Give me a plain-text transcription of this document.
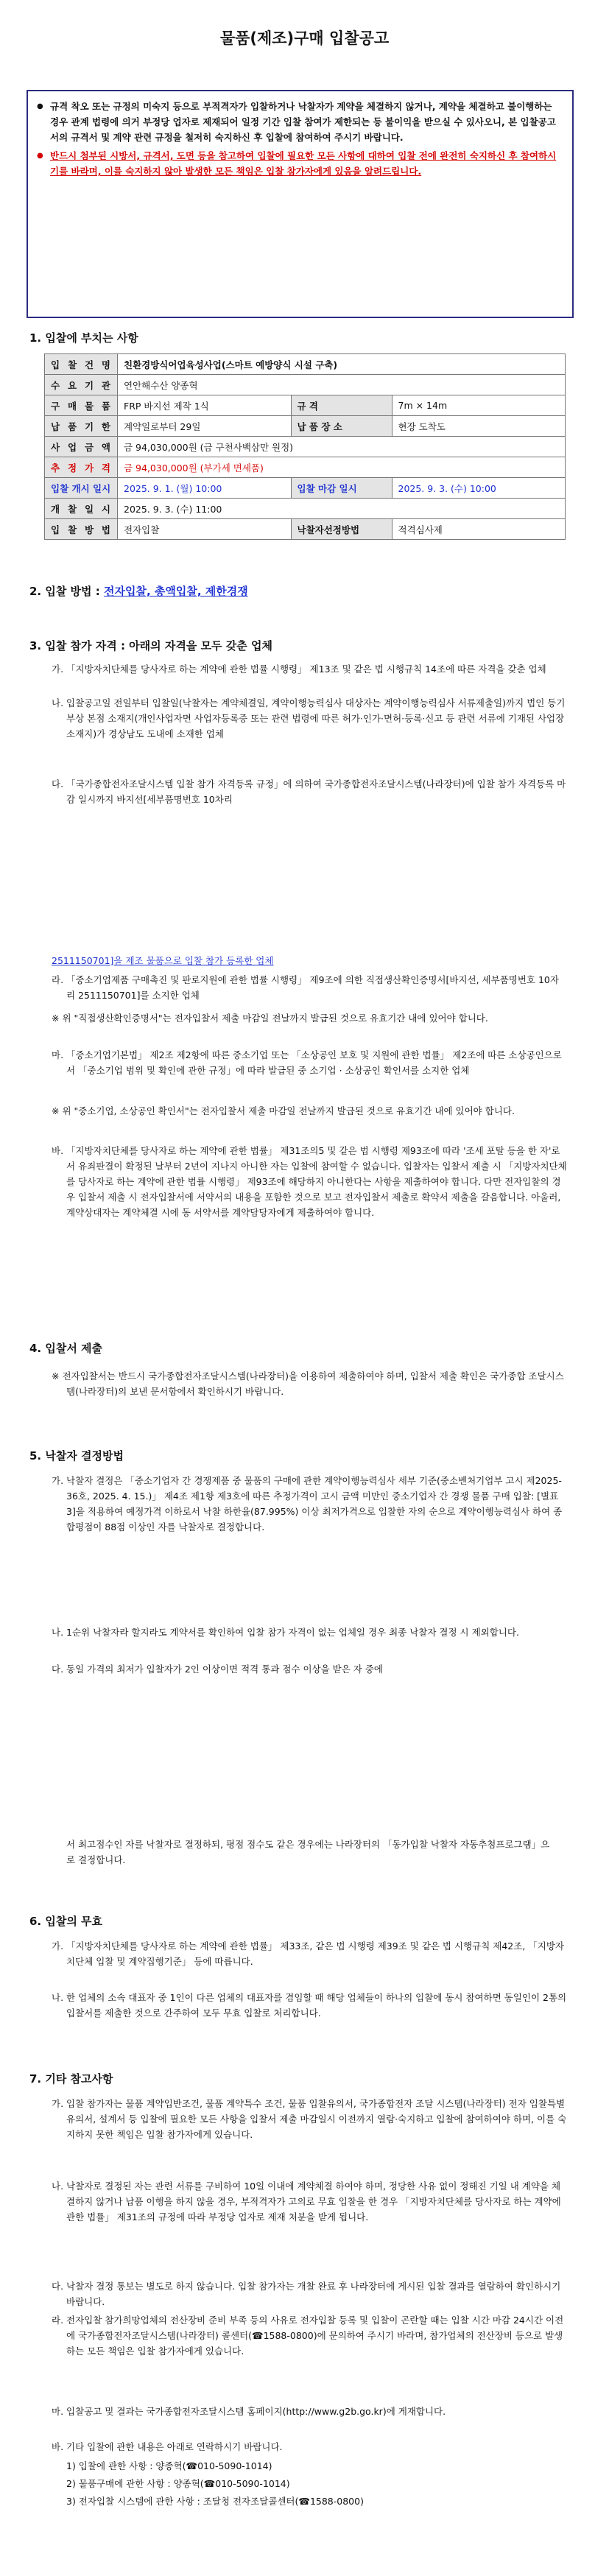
물품(제조)구매 입찰공고
● 규격 착오 또는 규정의 미숙지 등으로 부적격자가 입찰하거나 낙찰자가 계약을 체결하지 않거나, 계약을 체결하고 불이행하는 경우 관계 법령에 의거 부정당 업자로 제재되어 일정 기간 입찰 참여가 제한되는 등 불이익을 받으실 수 있사오니, 본 입찰공고서의 규격서 및 계약 관련 규정을 철저히 숙지하신 후 입찰에 참여하여 주시기 바랍니다.
● 반드시 첨부된 시방서, 규격서, 도면 등을 참고하여 입찰에 필요한 모든 사항에 대하여 입찰 전에 완전히 숙지하신 후 참여하시기를 바라며, 이를 숙지하지 않아 발생한 모든 책임은 입찰 참가자에게 있음을 알려드립니다.
1. 입찰에 부치는 사항
입 찰 건 명	친환경방식어업육성사업(스마트 예방양식 시설 구축)		
수 요 기 관	연안해수산 양종혁		
구 매 물 품	FRP 바지선 제작 1식	규 격	7m × 14m
납 품 기 한	계약일로부터 29일	납 품 장 소	현장 도착도
사 업 금 액	금 94,030,000원 (금 구천사백삼만 원정)		
추 정 가 격	금 94,030,000원 (부가세 면세품)		
입찰 개시 일시	2025. 9. 1. (월) 10:00	입찰 마감 일시	2025. 9. 3. (수) 10:00
개 찰 일 시	2025. 9. 3. (수) 11:00		
입 찰 방 법	전자입찰	낙찰자선정방법	적격심사제
2. 입찰 방법 : 전자입찰, 총액입찰, 제한경쟁
3. 입찰 참가 자격 : 아래의 자격을 모두 갖춘 업체
가. 「지방자치단체를 당사자로 하는 계약에 관한 법률 시행령」 제13조 및 같은 법 시행규칙 14조에 따른 자격을 갖춘 업체
나. 입찰공고일 전일부터 입찰일(낙찰자는 계약체결일, 계약이행능력심사 대상자는 계약이행능력심사 서류제출일)까지 법인 등기부상 본점 소재지(개인사업자면 사업자등록증 또는 관련 법령에 따른 허가·인가·면허·등록·신고 등 관련 서류에 기재된 사업장 소재지)가 경상남도 도내에 소재한 업체
다. 「국가종합전자조달시스템 입찰 참가 자격등록 규정」에 의하여 국가종합전자조달시스템(나라장터)에 입찰 참가 자격등록 마감 일시까지 바지선[세부품명번호 10차리
2511150701]을 제조 물품으로 입찰 참가 등록한 업체
라. 「중소기업제품 구매촉진 및 판로지원에 관한 법률 시행령」 제9조에 의한 직접생산확인증명서[바지선, 세부품명번호 10자리 2511150701]를 소지한 업체
※ 위 "직접생산확인증명서"는 전자입찰서 제출 마감일 전날까지 발급된 것으로 유효기간 내에 있어야 합니다.
마. 「중소기업기본법」 제2조 제2항에 따른 중소기업 또는 「소상공인 보호 및 지원에 관한 법률」 제2조에 따른 소상공인으로서 「중소기업 범위 및 확인에 관한 규정」에 따라 발급된 중 소기업 · 소상공인 확인서를 소지한 업체
※ 위 "중소기업, 소상공인 확인서"는 전자입찰서 제출 마감일 전날까지 발급된 것으로 유효기간 내에 있어야 합니다.
바. 「지방자치단체를 당사자로 하는 계약에 관한 법률」 제31조의5 및 같은 법 시행령 제93조에 따라 '조세 포탈 등을 한 자'로서 유죄판결이 확정된 날부터 2년이 지나지 아니한 자는 입찰에 참여할 수 없습니다. 입찰자는 입찰서 제출 시 「지방자치단체를 당사자로 하는 계약에 관한 법률 시행령」 제93조에 해당하지 아니한다는 사항을 제출하여야 합니다. 다만 전자입찰의 경우 입찰서 제출 시 전자입찰서에 서약서의 내용을 포함한 것으로 보고 전자입찰서 제출로 확약서 제출을 갈음합니다. 아울러, 계약상대자는 계약체결 시에 동 서약서를 계약담당자에게 제출하여야 합니다.
4. 입찰서 제출
※ 전자입찰서는 반드시 국가종합전자조달시스템(나라장터)을 이용하여 제출하여야 하며, 입찰서 제출 확인은 국가종합 조달시스템(나라장터)의 보낸 문서함에서 확인하시기 바랍니다.
5. 낙찰자 결정방법
가. 낙찰자 결정은 「중소기업자 간 경쟁제품 중 물품의 구매에 관한 계약이행능력심사 세부 기준(중소벤처기업부 고시 제2025-36호, 2025. 4. 15.)」 제4조 제1항 제3호에 따른 추정가격이 고시 금액 미만인 중소기업자 간 경쟁 물품 구매 입찰: [별표3]을 적용하여 예정가격 이하로서 낙찰 하한율(87.995%) 이상 최저가격으로 입찰한 자의 순으로 계약이행능력심사 하여 종합평점이 88점 이상인 자를 낙찰자로 결정합니다.
나. 1순위 낙찰자라 할지라도 계약서를 확인하여 입찰 참가 자격이 없는 업체일 경우 최종 낙찰자 결정 시 제외합니다.
다. 동일 가격의 최저가 입찰자가 2인 이상이면 적격 통과 점수 이상을 받은 자 중에
서 최고점수인 자를 낙찰자로 결정하되, 평점 점수도 같은 경우에는 나라장터의 「동가입찰 낙찰자 자동추첨프로그램」으로 결정합니다.
6. 입찰의 무효
가. 「지방자치단체를 당사자로 하는 계약에 관한 법률」 제33조, 같은 법 시행령 제39조 및 같은 법 시행규칙 제42조, 「지방자치단체 입찰 및 계약집행기준」 등에 따릅니다.
나. 한 업체의 소속 대표자 중 1인이 다른 업체의 대표자를 겸임할 때 해당 업체들이 하나의 입찰에 동시 참여하면 동일인이 2통의 입찰서를 제출한 것으로 간주하여 모두 무효 입찰로 처리합니다.
7. 기타 참고사항
가. 입찰 참가자는 물품 계약입반조건, 물품 계약특수 조건, 물품 입찰유의서, 국가종합전자 조달 시스템(나라장터) 전자 입찰특별유의서, 설계서 등 입찰에 필요한 모든 사항을 입찰서 제출 마감일시 이전까지 열람·숙지하고 입찰에 참여하여야 하며, 이를 숙지하지 못한 책임은 입찰 참가자에게 있습니다.
나. 낙찰자로 결정된 자는 관련 서류를 구비하여 10일 이내에 계약체결 하여야 하며, 정당한 사유 없이 정해진 기일 내 계약을 체결하지 않거나 납품 이행을 하지 않을 경우, 부적격자가 고의로 무효 입찰을 한 경우 「지방자치단체를 당사자로 하는 계약에 관한 법률」 제31조의 규정에 따라 부정당 업자로 제재 처분을 받게 됩니다.
다. 낙찰자 결정 통보는 별도로 하지 않습니다. 입찰 참가자는 개찰 완료 후 나라장터에 게시된 입찰 결과를 열람하여 확인하시기 바랍니다.
라. 전자입찰 참가희망업체의 전산장비 준비 부족 등의 사유로 전자입찰 등록 및 입찰이 곤란할 때는 입찰 시간 마감 24시간 이전에 국가종합전자조달시스템(나라장터) 콜센터(☎1588-0800)에 문의하여 주시기 바라며, 참가업체의 전산장비 등으로 발생하는 모든 책임은 입찰 참가자에게 있습니다.
마. 입찰공고 및 결과는 국가종합전자조달시스템 홈페이지(http://www.g2b.go.kr)에 게재합니다.
바. 기타 입찰에 관한 내용은 아래로 연락하시기 바랍니다.
1) 입찰에 관한 사항 : 양종혁(☎010-5090-1014)
2) 물품구매에 관한 사항 : 양종혁(☎010-5090-1014)
3) 전자입찰 시스템에 관한 사항 : 조달청 전자조달콜센터(☎1588-0800)
